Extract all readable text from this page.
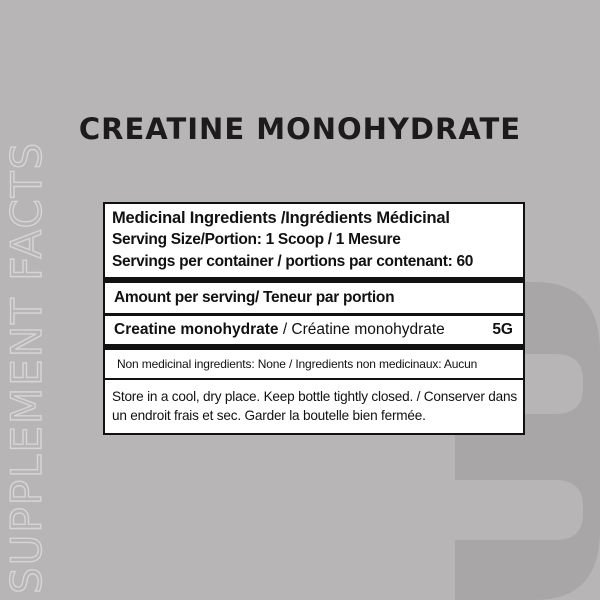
SUPPLEMENT FACTS
CREATINE MONOHYDRATE
Medicinal Ingredients /Ingrédients Médicinal
Serving Size/Portion: 1 Scoop / 1 Mesure
Servings per container / portions par contenant: 60
Amount per serving/ Teneur par portion
Creatine monohydrate / Créatine monohydrate	5G
Non medicinal ingredients: None / Ingredients non medicinaux: Aucun
Store in a cool, dry place. Keep bottle tightly closed. / Conserver dans un endroit frais et sec. Garder la boutelle bien fermée.
